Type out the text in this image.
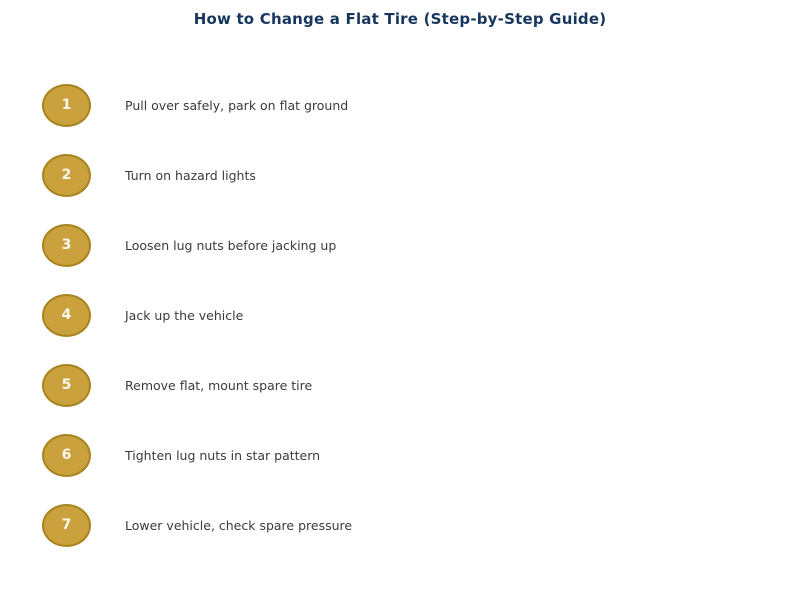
How to Change a Flat Tire (Step-by-Step Guide)
1	Pull over safely, park on flat ground
2	Turn on hazard lights
3	Loosen lug nuts before jacking up
4	Jack up the vehicle
5	Remove flat, mount spare tire
6	Tighten lug nuts in star pattern
7	Lower vehicle, check spare pressure
